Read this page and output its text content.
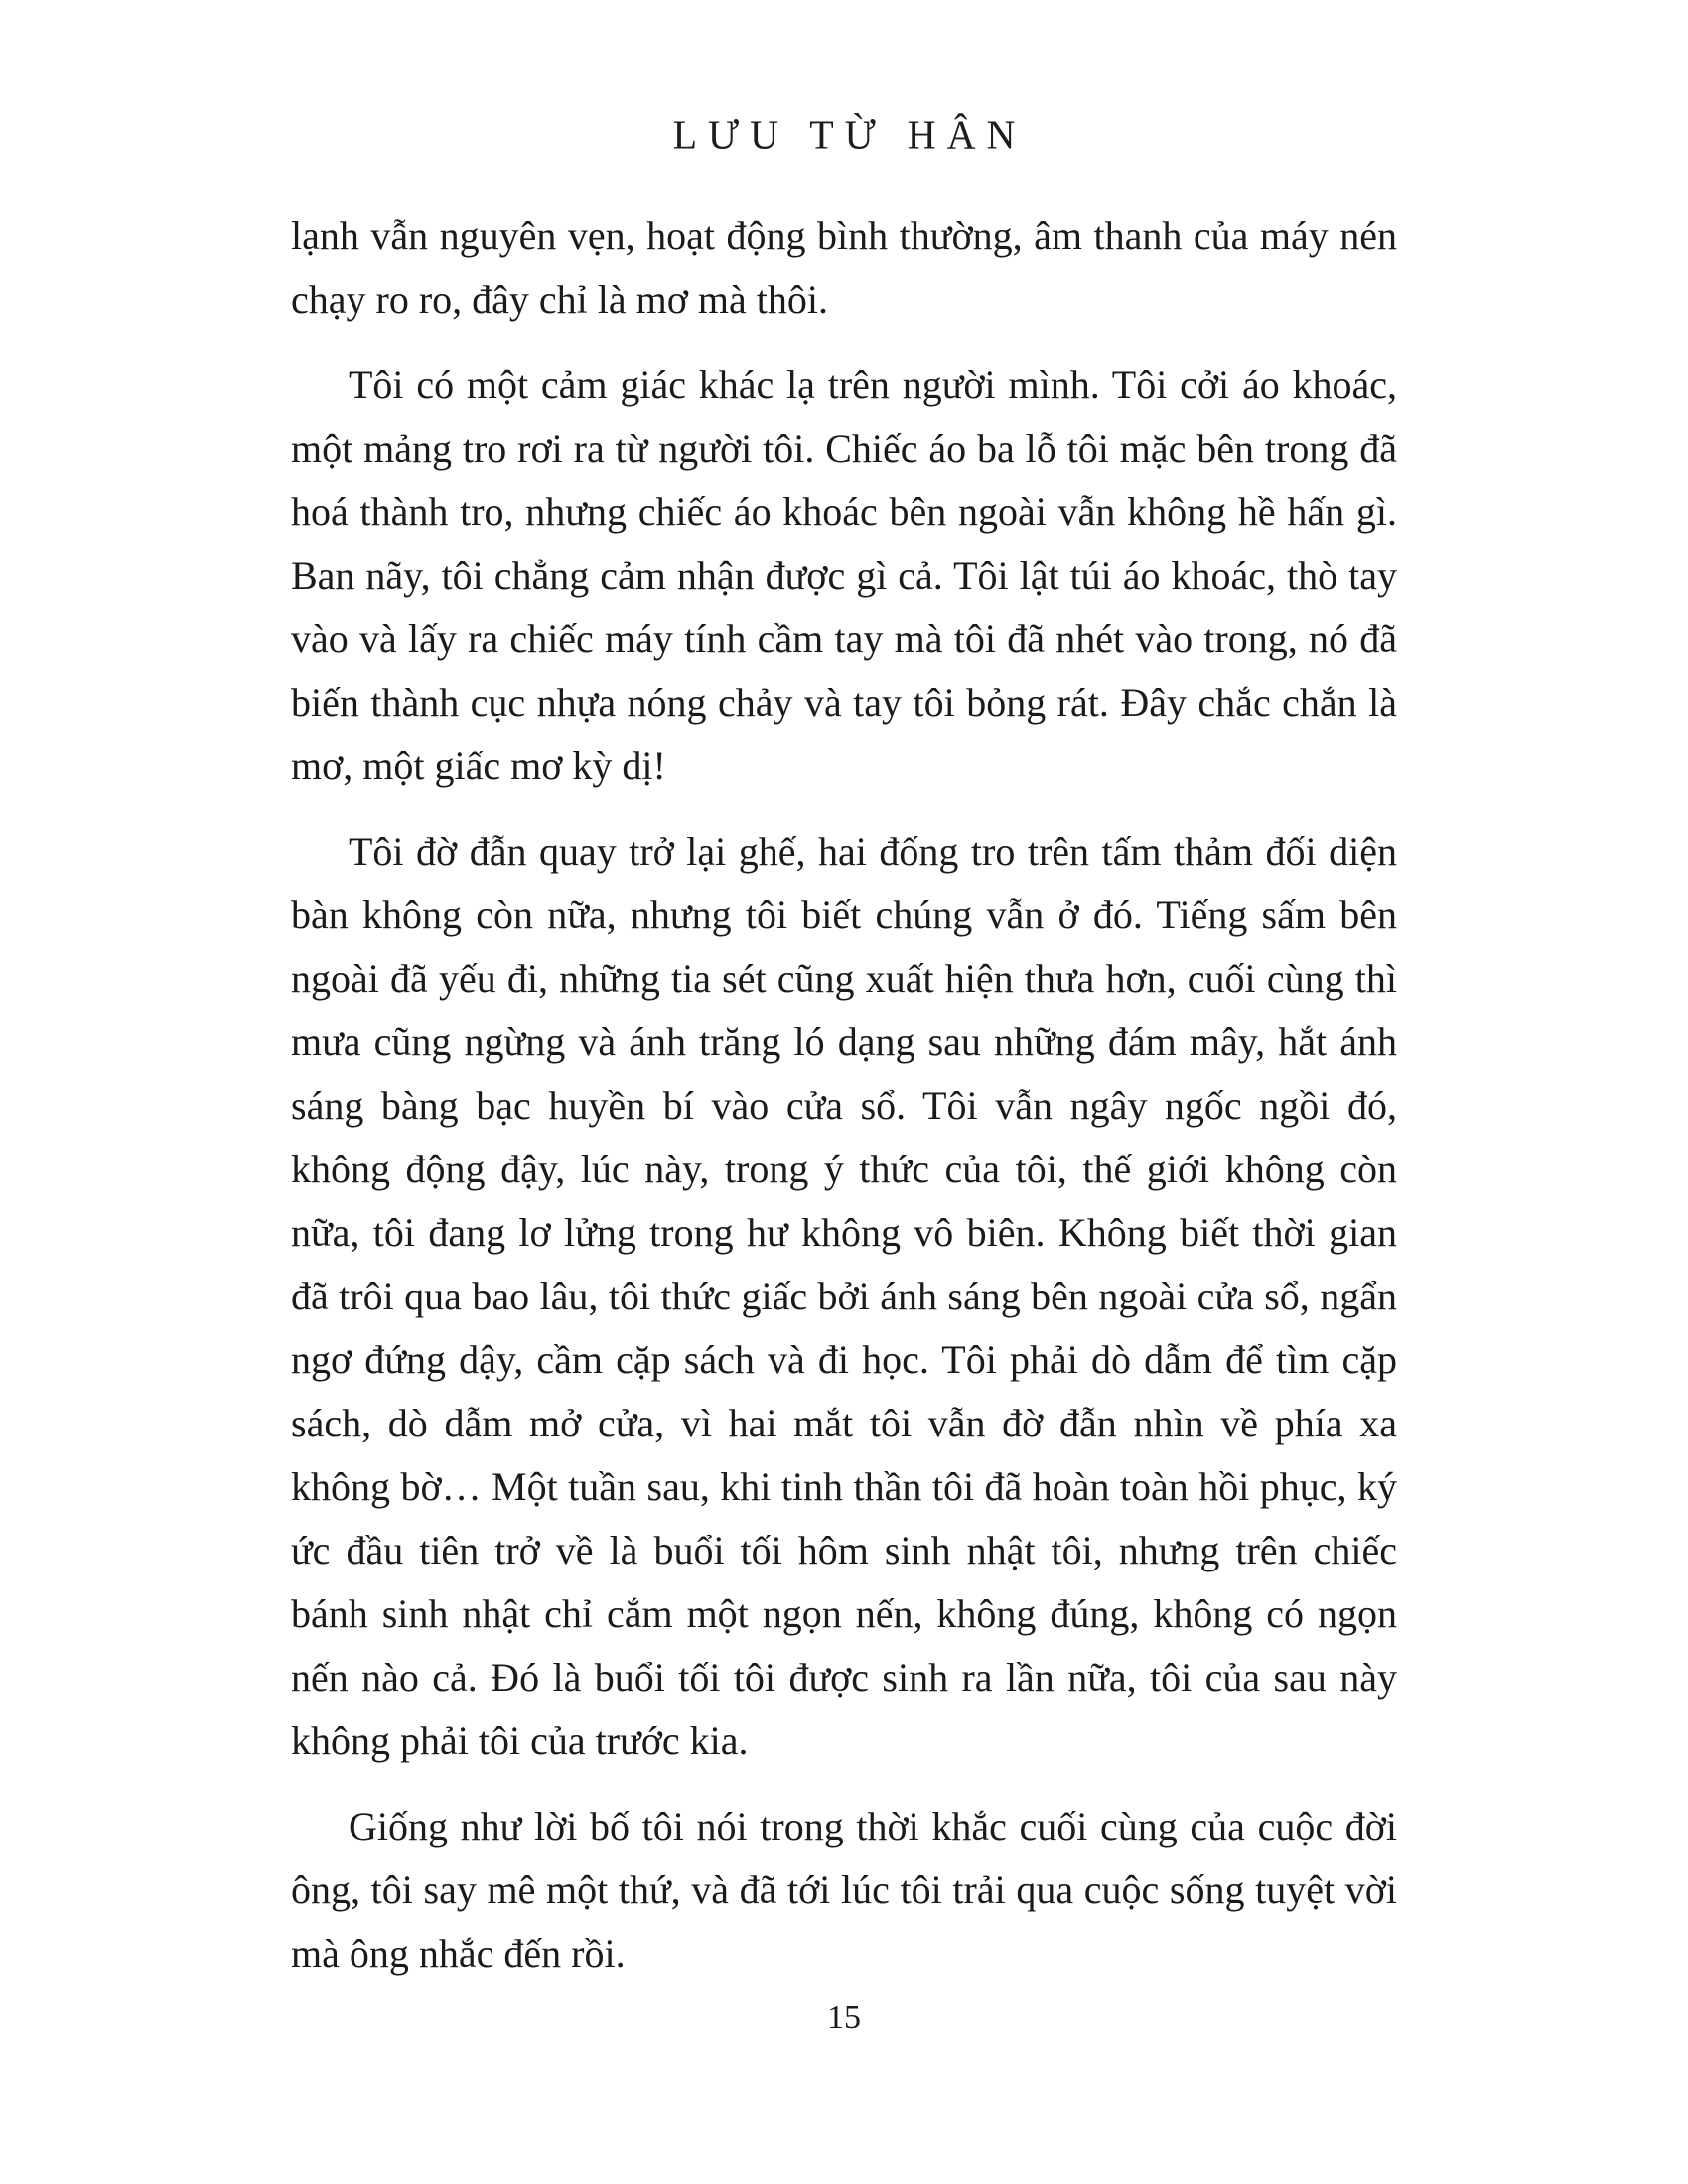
LƯU TỪ HÂN

lạnh vẫn nguyên vẹn, hoạt động bình thường, âm thanh của máy nén chạy ro ro, đây chỉ là mơ mà thôi.

Tôi có một cảm giác khác lạ trên người mình. Tôi cởi áo khoác, một mảng tro rơi ra từ người tôi. Chiếc áo ba lỗ tôi mặc bên trong đã hoá thành tro, nhưng chiếc áo khoác bên ngoài vẫn không hề hấn gì. Ban nãy, tôi chẳng cảm nhận được gì cả. Tôi lật túi áo khoác, thò tay vào và lấy ra chiếc máy tính cầm tay mà tôi đã nhét vào trong, nó đã biến thành cục nhựa nóng chảy và tay tôi bỏng rát. Đây chắc chắn là mơ, một giấc mơ kỳ dị!

Tôi đờ đẫn quay trở lại ghế, hai đống tro trên tấm thảm đối diện bàn không còn nữa, nhưng tôi biết chúng vẫn ở đó. Tiếng sấm bên ngoài đã yếu đi, những tia sét cũng xuất hiện thưa hơn, cuối cùng thì mưa cũng ngừng và ánh trăng ló dạng sau những đám mây, hắt ánh sáng bàng bạc huyền bí vào cửa sổ. Tôi vẫn ngây ngốc ngồi đó, không động đậy, lúc này, trong ý thức của tôi, thế giới không còn nữa, tôi đang lơ lửng trong hư không vô biên. Không biết thời gian đã trôi qua bao lâu, tôi thức giấc bởi ánh sáng bên ngoài cửa sổ, ngẩn ngơ đứng dậy, cầm cặp sách và đi học. Tôi phải dò dẫm để tìm cặp sách, dò dẫm mở cửa, vì hai mắt tôi vẫn đờ đẫn nhìn về phía xa không bờ… Một tuần sau, khi tinh thần tôi đã hoàn toàn hồi phục, ký ức đầu tiên trở về là buổi tối hôm sinh nhật tôi, nhưng trên chiếc bánh sinh nhật chỉ cắm một ngọn nến, không đúng, không có ngọn nến nào cả. Đó là buổi tối tôi được sinh ra lần nữa, tôi của sau này không phải tôi của trước kia.

Giống như lời bố tôi nói trong thời khắc cuối cùng của cuộc đời ông, tôi say mê một thứ, và đã tới lúc tôi trải qua cuộc sống tuyệt vời mà ông nhắc đến rồi.

15
